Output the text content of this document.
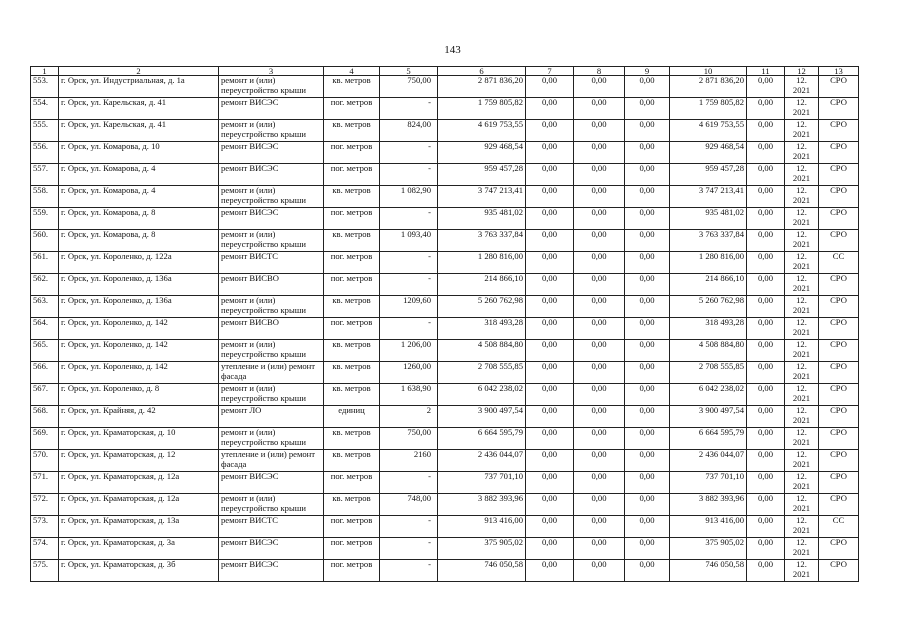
143
1	2	3	4	5	6	7	8	9	10	11	12	13
553.	г. Орск, ул. Индустриальная, д. 1а	ремонт и (или) переустройство крыши	кв. метров	750,00	2 871 836,20	0,00	0,00	0,00	2 871 836,20	0,00	12. 2021	СРО
554.	г. Орск, ул. Карельская, д. 41	ремонт ВИСЭС	пог. метров	-	1 759 805,82	0,00	0,00	0,00	1 759 805,82	0,00	12. 2021	СРО
555.	г. Орск, ул. Карельская, д. 41	ремонт и (или) переустройство крыши	кв. метров	824,00	4 619 753,55	0,00	0,00	0,00	4 619 753,55	0,00	12. 2021	СРО
556.	г. Орск, ул. Комарова, д. 10	ремонт ВИСЭС	пог. метров	-	929 468,54	0,00	0,00	0,00	929 468,54	0,00	12. 2021	СРО
557.	г. Орск, ул. Комарова, д. 4	ремонт ВИСЭС	пог. метров	-	959 457,28	0,00	0,00	0,00	959 457,28	0,00	12. 2021	СРО
558.	г. Орск, ул. Комарова, д. 4	ремонт и (или) переустройство крыши	кв. метров	1 082,90	3 747 213,41	0,00	0,00	0,00	3 747 213,41	0,00	12. 2021	СРО
559.	г. Орск, ул. Комарова, д. 8	ремонт ВИСЭС	пог. метров	-	935 481,02	0,00	0,00	0,00	935 481,02	0,00	12. 2021	СРО
560.	г. Орск, ул. Комарова, д. 8	ремонт и (или) переустройство крыши	кв. метров	1 093,40	3 763 337,84	0,00	0,00	0,00	3 763 337,84	0,00	12. 2021	СРО
561.	г. Орск, ул. Короленко, д. 122а	ремонт ВИСТС	пог. метров	-	1 280 816,00	0,00	0,00	0,00	1 280 816,00	0,00	12. 2021	СС
562.	г. Орск, ул. Короленко, д. 136а	ремонт ВИСВО	пог. метров	-	214 866,10	0,00	0,00	0,00	214 866,10	0,00	12. 2021	СРО
563.	г. Орск, ул. Короленко, д. 136а	ремонт и (или) переустройство крыши	кв. метров	1209,60	5 260 762,98	0,00	0,00	0,00	5 260 762,98	0,00	12. 2021	СРО
564.	г. Орск, ул. Короленко, д. 142	ремонт ВИСВО	пог. метров	-	318 493,28	0,00	0,00	0,00	318 493,28	0,00	12. 2021	СРО
565.	г. Орск, ул. Короленко, д. 142	ремонт и (или) переустройство крыши	кв. метров	1 206,00	4 508 884,80	0,00	0,00	0,00	4 508 884,80	0,00	12. 2021	СРО
566.	г. Орск, ул. Короленко, д. 142	утепление и (или) ремонт фасада	кв. метров	1260,00	2 708 555,85	0,00	0,00	0,00	2 708 555,85	0,00	12. 2021	СРО
567.	г. Орск, ул. Короленко, д. 8	ремонт и (или) переустройство крыши	кв. метров	1 638,90	6 042 238,02	0,00	0,00	0,00	6 042 238,02	0,00	12. 2021	СРО
568.	г. Орск, ул. Крайняя, д. 42	ремонт ЛО	единиц	2	3 900 497,54	0,00	0,00	0,00	3 900 497,54	0,00	12. 2021	СРО
569.	г. Орск, ул. Краматорская, д. 10	ремонт и (или) переустройство крыши	кв. метров	750,00	6 664 595,79	0,00	0,00	0,00	6 664 595,79	0,00	12. 2021	СРО
570.	г. Орск, ул. Краматорская, д. 12	утепление и (или) ремонт фасада	кв. метров	2160	2 436 044,07	0,00	0,00	0,00	2 436 044,07	0,00	12. 2021	СРО
571.	г. Орск, ул. Краматорская, д. 12а	ремонт ВИСЭС	пог. метров	-	737 701,10	0,00	0,00	0,00	737 701,10	0,00	12. 2021	СРО
572.	г. Орск, ул. Краматорская, д. 12а	ремонт и (или) переустройство крыши	кв. метров	748,00	3 882 393,96	0,00	0,00	0,00	3 882 393,96	0,00	12. 2021	СРО
573.	г. Орск, ул. Краматорская, д. 13а	ремонт ВИСТС	пог. метров	-	913 416,00	0,00	0,00	0,00	913 416,00	0,00	12. 2021	СС
574.	г. Орск, ул. Краматорская, д. 3а	ремонт ВИСЭС	пог. метров	-	375 905,02	0,00	0,00	0,00	375 905,02	0,00	12. 2021	СРО
575.	г. Орск, ул. Краматорская, д. 3б	ремонт ВИСЭС	пог. метров	-	746 050,58	0,00	0,00	0,00	746 050,58	0,00	12. 2021	СРО
